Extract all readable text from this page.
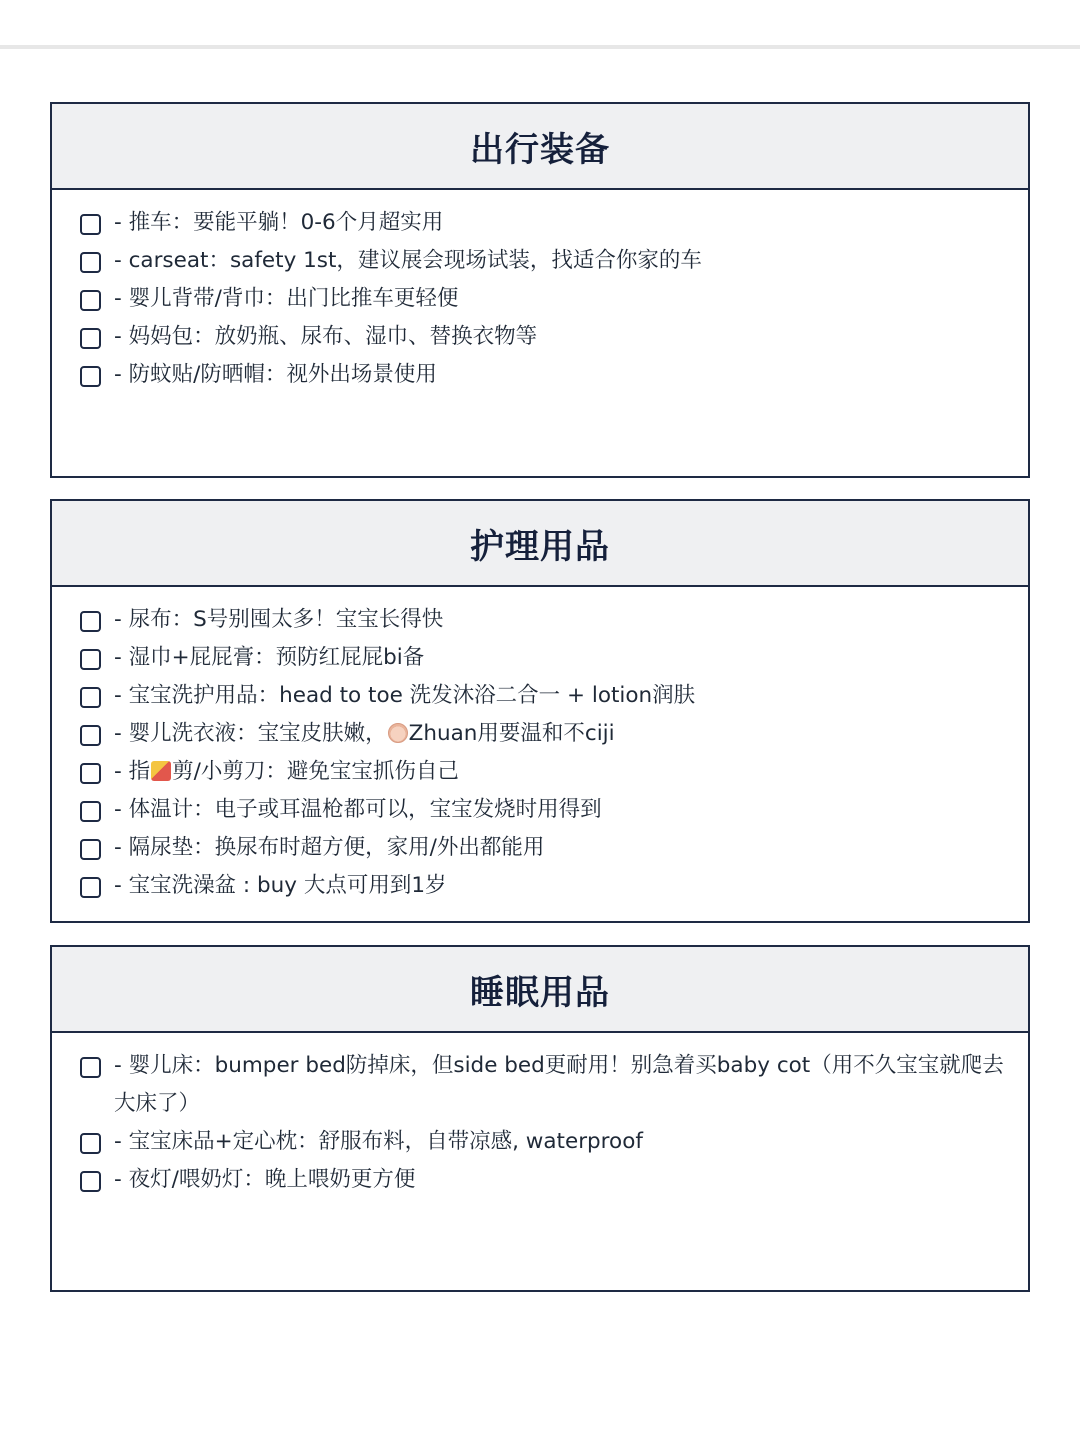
出行装备
- 推车：要能平躺！0-6个月超实用
- carseat：safety 1st，建议展会现场试装，找适合你家的车
- 婴儿背带/背巾：出门比推车更轻便
- 妈妈包：放奶瓶、尿布、湿巾、替换衣物等
- 防蚊贴/防晒帽：视外出场景使用
护理用品
- 尿布：S号别囤太多！宝宝长得快
- 湿巾+屁屁膏：预防红屁屁bi备
- 宝宝洗护用品：head to toe 洗发沐浴二合一 + lotion润肤
- 婴儿洗衣液：宝宝皮肤嫩， Zhuan用要温和不ciji
- 指 剪/小剪刀：避免宝宝抓伤自己
- 体温计：电子或耳温枪都可以，宝宝发烧时用得到
- 隔尿垫：换尿布时超方便，家用/外出都能用
- 宝宝洗澡盆 : buy 大点可用到1岁
睡眠用品
- 婴儿床：bumper bed防掉床，但side bed更耐用！别急着买baby cot（用不久宝宝就爬去大床了）
- 宝宝床品+定心枕：舒服布料，自带凉感, waterproof
- 夜灯/喂奶灯：晚上喂奶更方便
